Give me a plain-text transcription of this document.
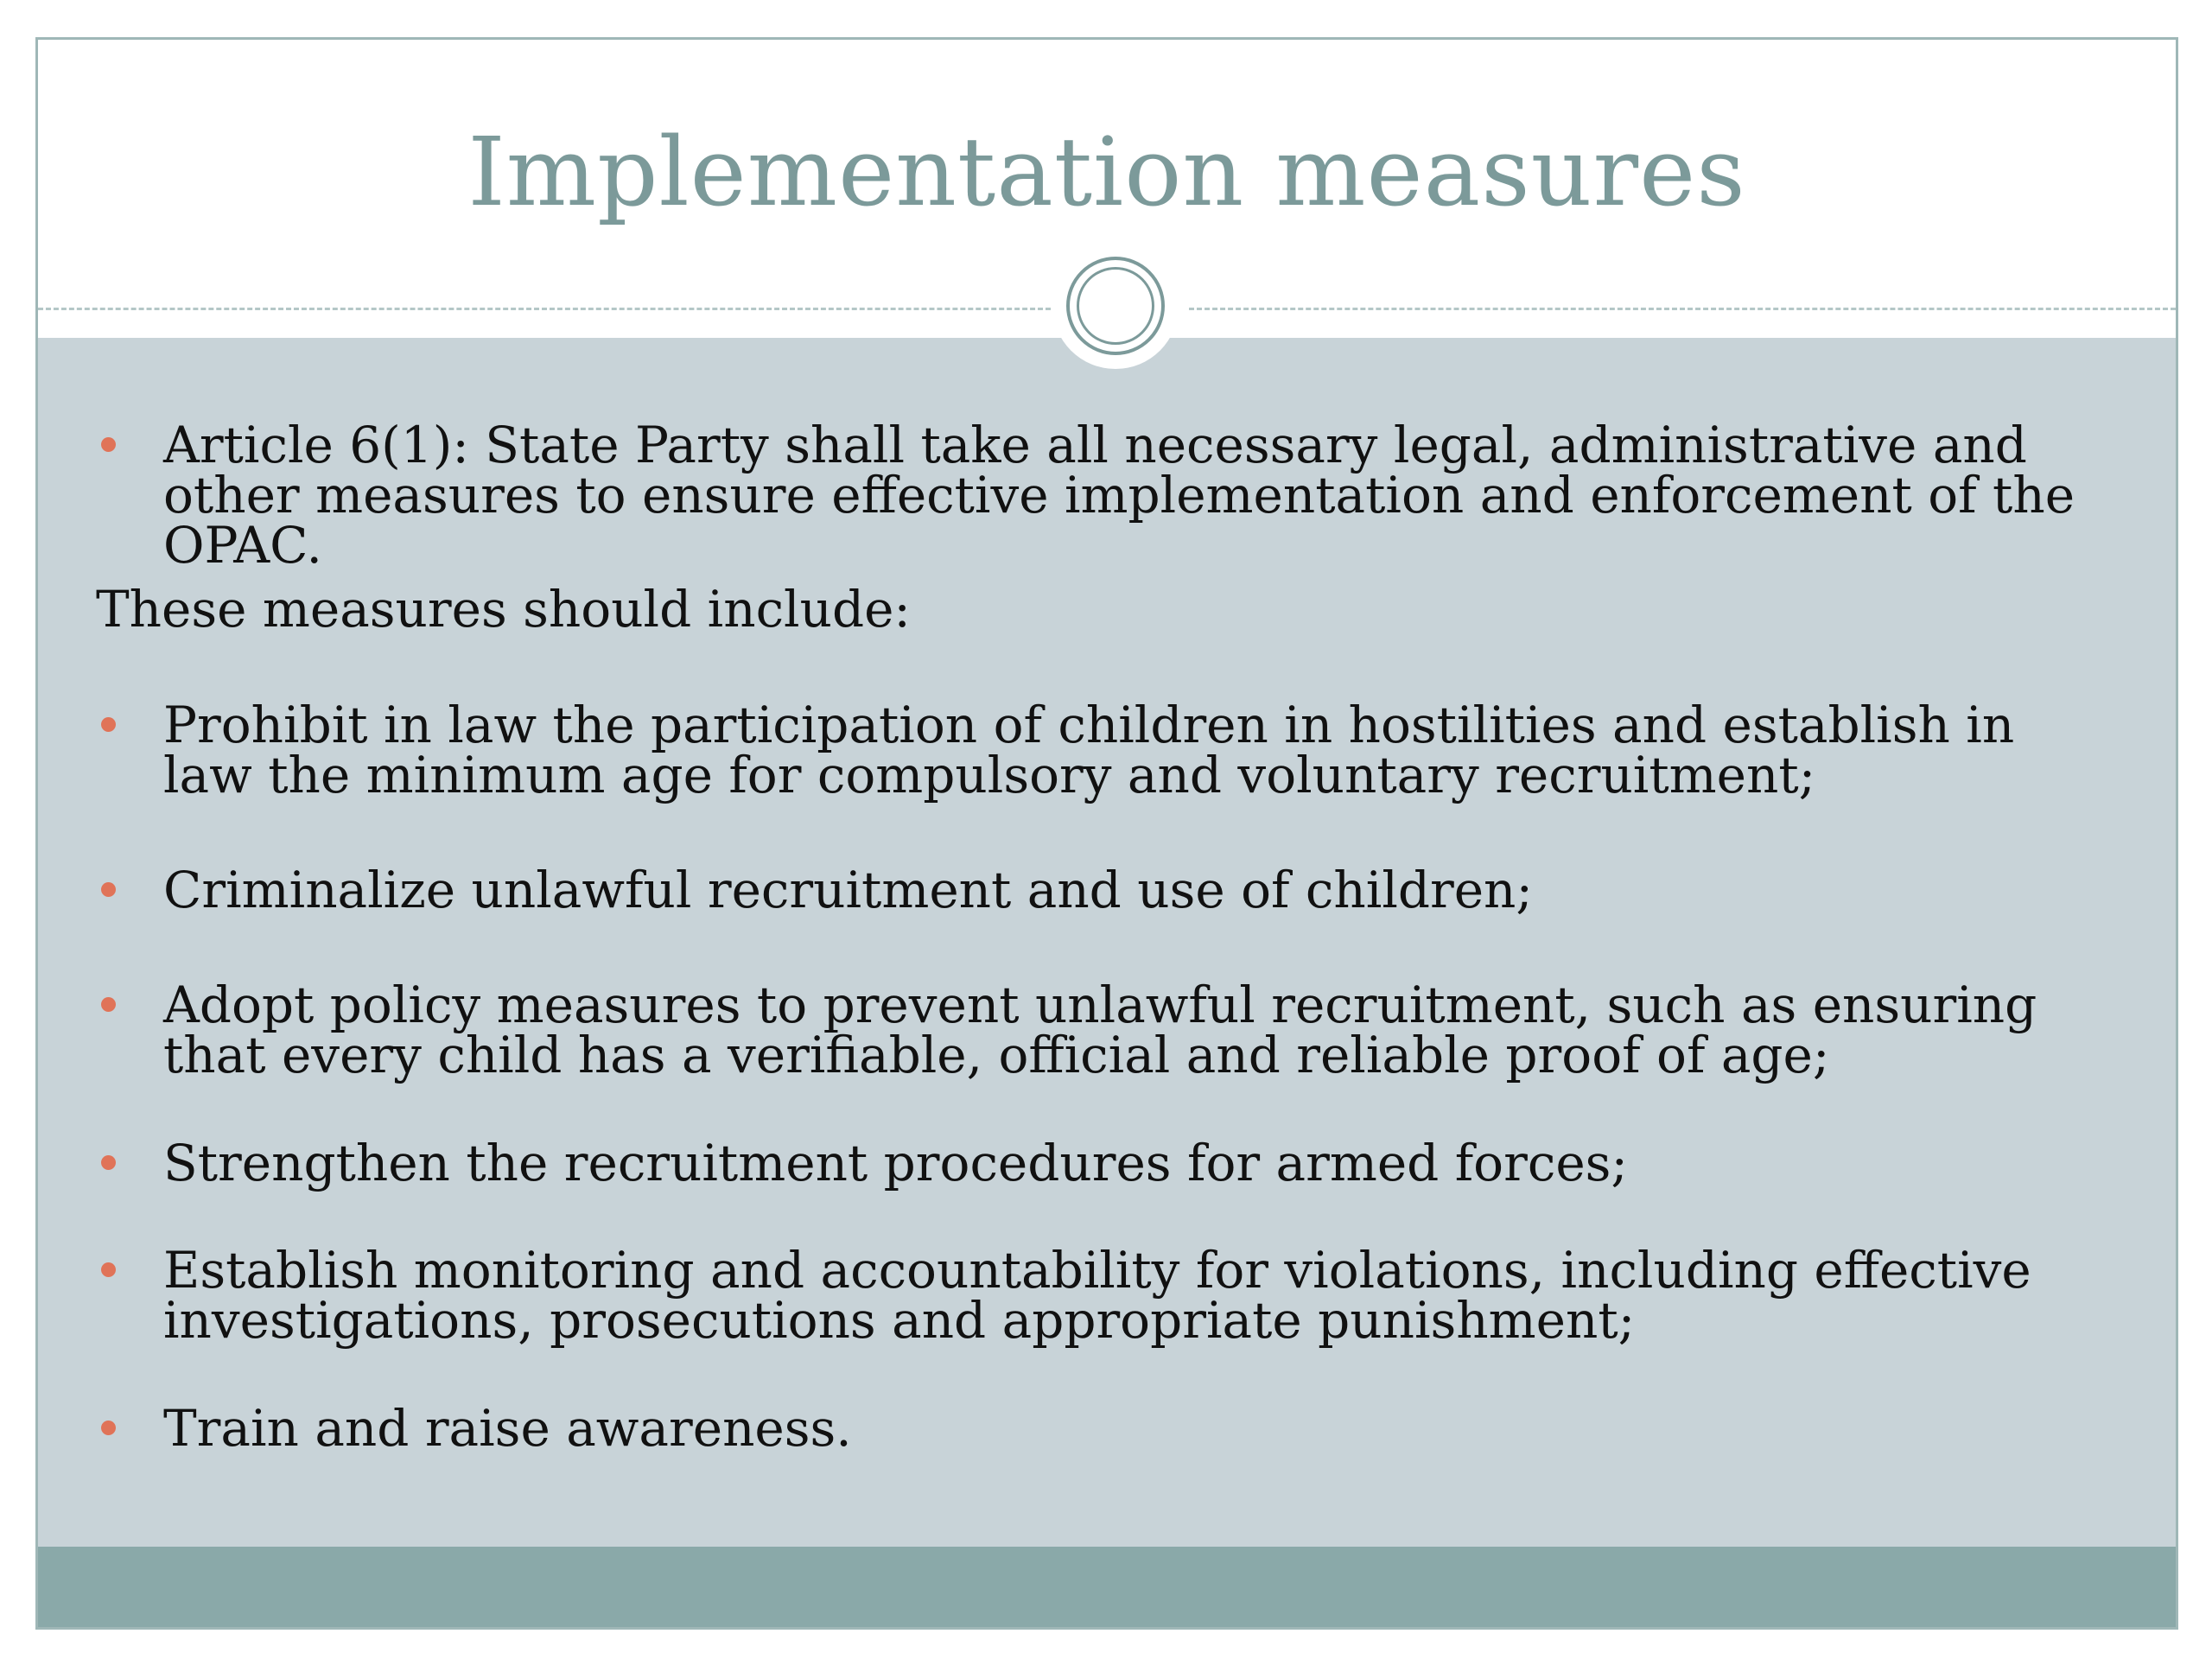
Implementation measures
Article 6(1): State Party shall take all necessary legal, administrative and other measures to ensure effective implementation and enforcement of the OPAC.
These measures should include:
Prohibit in law the participation of children in hostilities and establish in law the minimum age for compulsory and voluntary recruitment;
Criminalize unlawful recruitment and use of children;
Adopt policy measures to prevent unlawful recruitment, such as ensuring that every child has a verifiable, official and reliable proof of age;
Strengthen the recruitment procedures for armed forces;
Establish monitoring and accountability for violations, including effective investigations, prosecutions and appropriate punishment;
Train and raise awareness.
